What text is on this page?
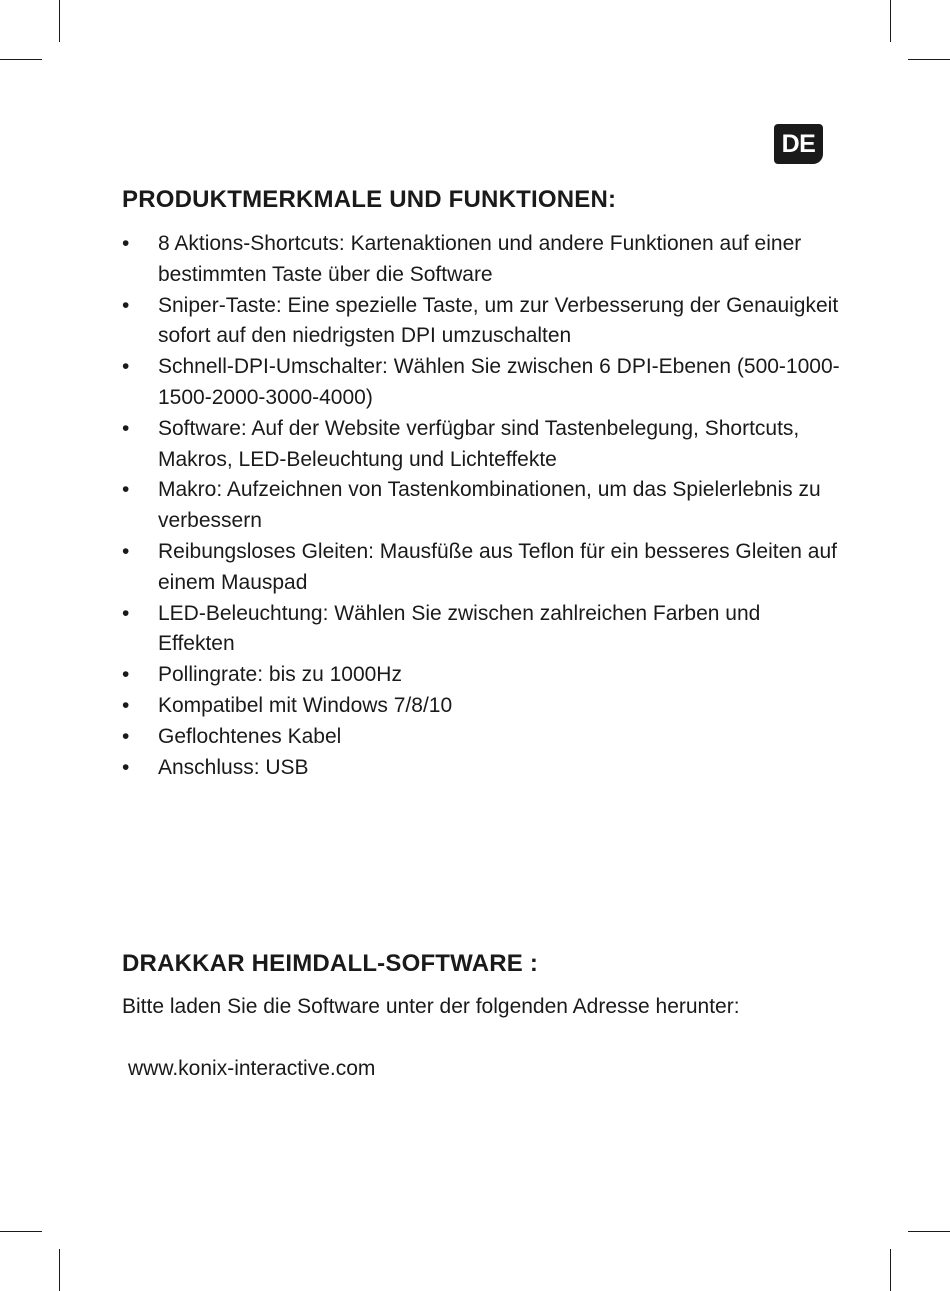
DE
PRODUKTMERKMALE UND FUNKTIONEN:
• 8 Aktions-Shortcuts: Kartenaktionen und andere Funktionen auf einer bestimmten Taste über die Software
• Sniper-Taste: Eine spezielle Taste, um zur Verbesserung der Genauigkeit sofort auf den niedrigsten DPI umzuschalten
• Schnell-DPI-Umschalter: Wählen Sie zwischen 6 DPI-Ebenen (500-1000-1500-2000-3000-4000)
• Software: Auf der Website verfügbar sind Tastenbelegung, Shortcuts, Makros, LED-Beleuchtung und Lichteffekte
• Makro: Aufzeichnen von Tastenkombinationen, um das Spielerlebnis zu verbessern
• Reibungsloses Gleiten: Mausfüße aus Teflon für ein besseres Gleiten auf einem Mauspad
• LED-Beleuchtung: Wählen Sie zwischen zahlreichen Farben und Effekten
• Pollingrate: bis zu 1000Hz
• Kompatibel mit Windows 7/8/10
• Geflochtenes Kabel
• Anschluss: USB
DRAKKAR HEIMDALL-SOFTWARE :

Bitte laden Sie die Software unter der folgenden Adresse herunter:

www.konix-interactive.com
